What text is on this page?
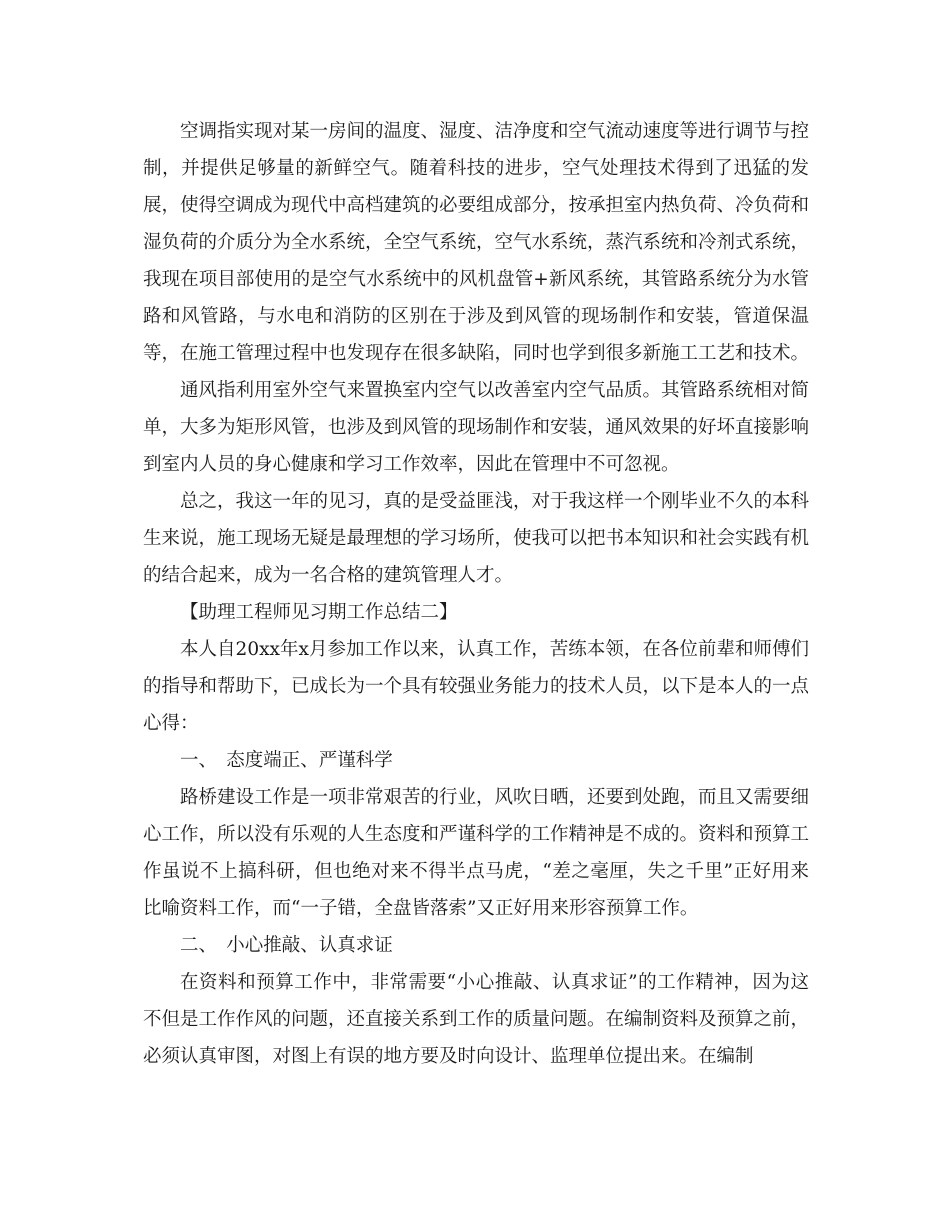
空调指实现对某一房间的温度、湿度、洁净度和空气流动速度等进行调节与控制，并提供足够量的新鲜空气。随着科技的进步，空气处理技术得到了迅猛的发展，使得空调成为现代中高档建筑的必要组成部分，按承担室内热负荷、冷负荷和湿负荷的介质分为全水系统，全空气系统，空气水系统，蒸汽系统和冷剂式系统，我现在项目部使用的是空气水系统中的风机盘管+新风系统，其管路系统分为水管路和风管路，与水电和消防的区别在于涉及到风管的现场制作和安装，管道保温等，在施工管理过程中也发现存在很多缺陷，同时也学到很多新施工工艺和技术。

通风指利用室外空气来置换室内空气以改善室内空气品质。其管路系统相对简单，大多为矩形风管，也涉及到风管的现场制作和安装，通风效果的好坏直接影响到室内人员的身心健康和学习工作效率，因此在管理中不可忽视。

总之，我这一年的见习，真的是受益匪浅，对于我这样一个刚毕业不久的本科生来说，施工现场无疑是最理想的学习场所，使我可以把书本知识和社会实践有机的结合起来，成为一名合格的建筑管理人才。

【助理工程师见习期工作总结二】

本人自20xx年x月参加工作以来，认真工作，苦练本领，在各位前辈和师傅们的指导和帮助下，已成长为一个具有较强业务能力的技术人员，以下是本人的一点心得：

一、　态度端正、严谨科学

路桥建设工作是一项非常艰苦的行业，风吹日晒，还要到处跑，而且又需要细心工作，所以没有乐观的人生态度和严谨科学的工作精神是不成的。资料和预算工作虽说不上搞科研，但也绝对来不得半点马虎，“差之毫厘，失之千里”正好用来比喻资料工作，而“一子错，全盘皆落索”又正好用来形容预算工作。

二、　小心推敲、认真求证

在资料和预算工作中，非常需要“小心推敲、认真求证”的工作精神，因为这不但是工作作风的问题，还直接关系到工作的质量问题。在编制资料及预算之前，必须认真审图，对图上有误的地方要及时向设计、监理单位提出来。在编制
